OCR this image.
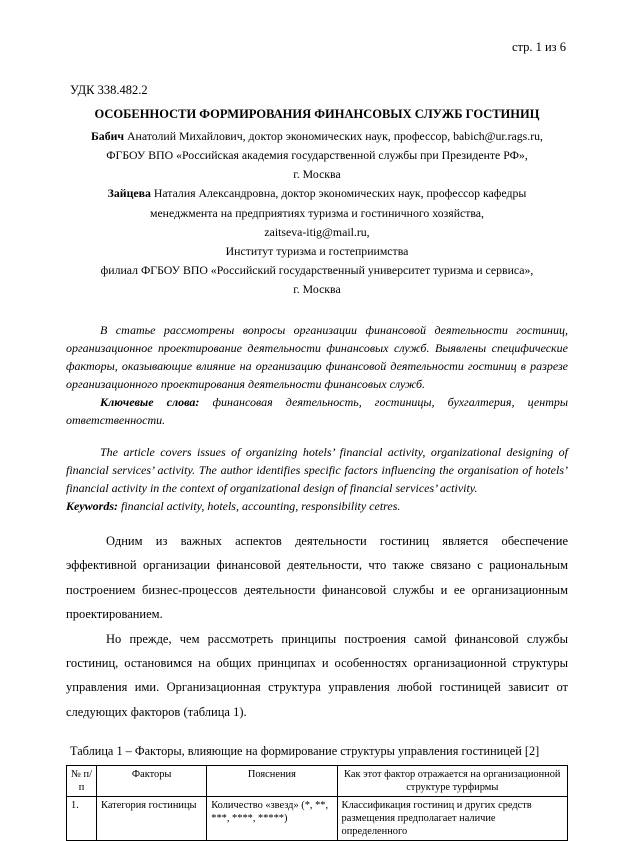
стр. 1 из 6
УДК 338.482.2
ОСОБЕННОСТИ ФОРМИРОВАНИЯ ФИНАНСОВЫХ СЛУЖБ ГОСТИНИЦ
Бабич Анатолий Михайлович, доктор экономических наук, профессор, babich@ur.rags.ru,
ФГБОУ ВПО «Российская академия государственной службы при Президенте РФ»,
г. Москва
Зайцева Наталия Александровна, доктор экономических наук, профессор кафедры
менеджмента на предприятиях туризма и гостиничного хозяйства,
zaitseva-itig@mail.ru,
Институт туризма и гостеприимства
филиал ФГБОУ ВПО «Российский государственный университет туризма и сервиса»,
г. Москва
В статье рассмотрены вопросы организации финансовой деятельности гостиниц, организационное проектирование деятельности финансовых служб. Выявлены специфические факторы, оказывающие влияние на организацию финансовой деятельности гостиниц в разрезе организационного проектирования деятельности финансовых служб.
Ключевые слова: финансовая деятельность, гостиницы, бухгалтерия, центры ответственности.
The article covers issues of organizing hotels’ financial activity, organizational designing of financial services’ activity. The author identifies specific factors influencing the organisation of hotels’ financial activity in the context of organizational design of financial services’ activity.
Keywords: financial activity, hotels, accounting, responsibility cetres.
Одним из важных аспектов деятельности гостиниц является обеспечение эффективной организации финансовой деятельности, что также связано с рациональным построением бизнес-процессов деятельности финансовой службы и ее организационным проектированием.
Но прежде, чем рассмотреть принципы построения самой финансовой службы гостиниц, остановимся на общих принципах и особенностях организационной структуры управления ими. Организационная структура управления любой гостиницей зависит от следующих факторов (таблица 1).
Таблица 1 – Факторы, влияющие на формирование структуры управления гостиницей [2]
№ п/п	Факторы	Пояснения	Как этот фактор отражается на организационной структуре турфирмы
1.	Категория гостиницы	Количество «звезд» (*, **, ***, ****, *****)	Классификация гостиниц и других средств размещения предполагает наличие определенного
